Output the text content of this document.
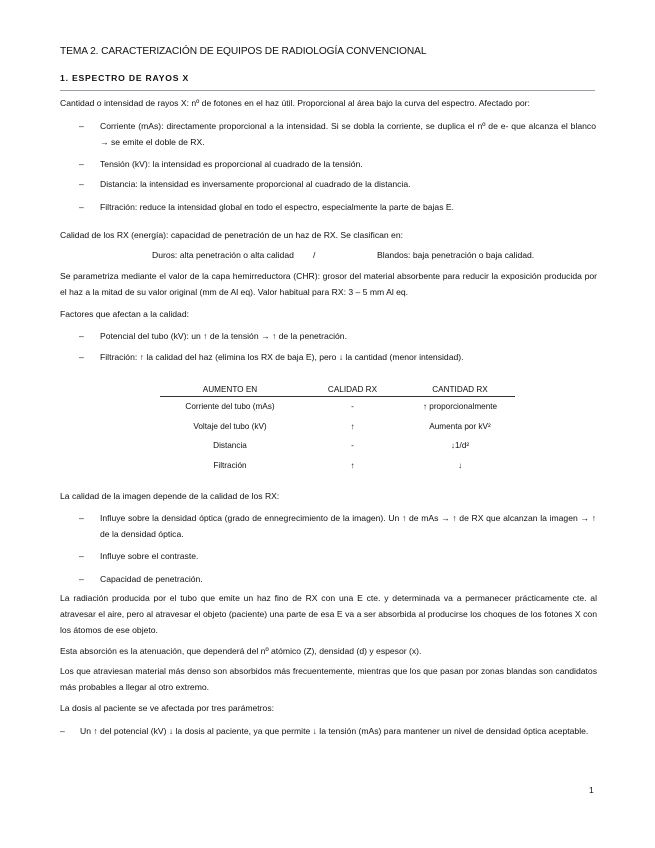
TEMA 2. CARACTERIZACIÓN DE EQUIPOS DE RADIOLOGÍA CONVENCIONAL
1. ESPECTRO DE RAYOS X
Cantidad o intensidad de rayos X: nº de fotones en el haz útil. Proporcional al área bajo la curva del espectro. Afectado por:
– Corriente (mAs): directamente proporcional a la intensidad. Si se dobla la corriente, se duplica el nº de e- que alcanza el blanco → se emite el doble de RX.
– Tensión (kV): la intensidad es proporcional al cuadrado de la tensión.
– Distancia: la intensidad es inversamente proporcional al cuadrado de la distancia.
– Filtración: reduce la intensidad global en todo el espectro, especialmente la parte de bajas E.
Calidad de los RX (energía): capacidad de penetración de un haz de RX. Se clasifican en:
Duros: alta penetración o alta calidad /	Blandos: baja penetración o baja calidad.
Se parametriza mediante el valor de la capa hemirreductora (CHR): grosor del material absorbente para reducir la exposición producida por el haz a la mitad de su valor original (mm de Al eq). Valor habitual para RX: 3 – 5 mm Al eq.
Factores que afectan a la calidad:
– Potencial del tubo (kV): un ↑ de la tensión → ↑ de la penetración.
– Filtración: ↑ la calidad del haz (elimina los RX de baja E), pero ↓ la cantidad (menor intensidad).
AUMENTO EN	CALIDAD RX	CANTIDAD RX
Corriente del tubo (mAs)	-	↑ proporcionalmente
Voltaje del tubo (kV)	↑	Aumenta por kV²
Distancia	-	↓1/d²
Filtración	↑	↓
La calidad de la imagen depende de la calidad de los RX:
– Influye sobre la densidad óptica (grado de ennegrecimiento de la imagen). Un ↑ de mAs → ↑ de RX que alcanzan la imagen → ↑ de la densidad óptica.
– Influye sobre el contraste.
– Capacidad de penetración.
La radiación producida por el tubo que emite un haz fino de RX con una E cte. y determinada va a permanecer prácticamente cte. al atravesar el aire, pero al atravesar el objeto (paciente) una parte de esa E va a ser absorbida al producirse los choques de los fotones X con los átomos de ese objeto.
Esta absorción es la atenuación, que dependerá del nº atómico (Z), densidad (d) y espesor (x).
Los que atraviesan material más denso son absorbidos más frecuentemente, mientras que los que pasan por zonas blandas son candidatos más probables a llegar al otro extremo.
La dosis al paciente se ve afectada por tres parámetros:
– Un ↑ del potencial (kV) ↓ la dosis al paciente, ya que permite ↓ la tensión (mAs) para mantener un nivel de densidad óptica aceptable.
1
